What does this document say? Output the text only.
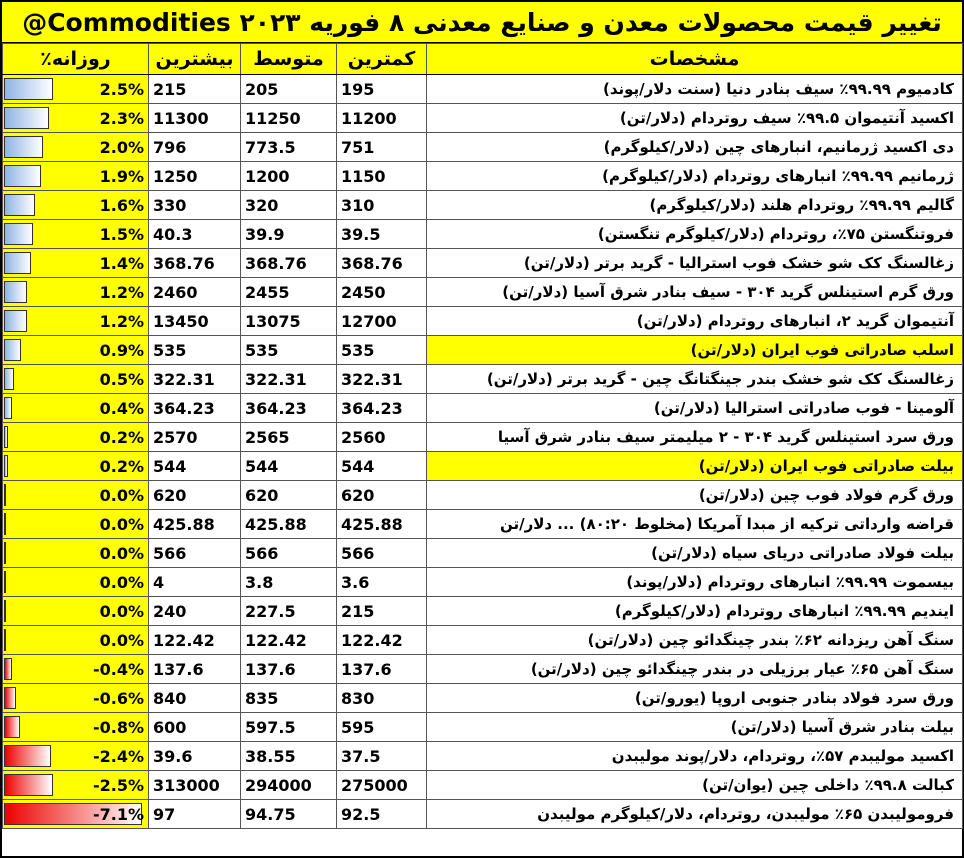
تغییر قیمت محصولات معدن و صنایع معدنی ۸ فوریه ۲۰۲۳ Commodities@
روزانه٪	بیشترین	متوسط	کمترین	مشخصات

2.5%	215	205	195	کادمیوم ۹۹.۹۹٪ سیف بنادر دنیا (سنت دلار/پوند)

2.3%	11300	11250	11200	اکسید آنتیموان ۹۹.۵٪ سیف روتردام (دلار/تن)

2.0%	796	773.5	751	دی اکسید ژرمانیم، انبارهای چین (دلار/کیلوگرم)

1.9%	1250	1200	1150	ژرمانیم ۹۹.۹۹٪ انبارهای روتردام (دلار/کیلوگرم)

1.6%	330	320	310	گالیم ۹۹.۹۹٪ روتردام هلند (دلار/کیلوگرم)

1.5%	40.3	39.9	39.5	فروتنگستن ۷۵٪، روتردام (دلار/کیلوگرم تنگستن)

1.4%	368.76	368.76	368.76	زغالسنگ کک شو خشک فوب استرالیا - گرید برتر (دلار/تن)

1.2%	2460	2455	2450	ورق گرم استینلس گرید ۳۰۴ - سیف بنادر شرق آسیا (دلار/تن)

1.2%	13450	13075	12700	آنتیموان گرید ۲، انبارهای روتردام (دلار/تن)

0.9%	535	535	535	اسلب صادراتی فوب ایران (دلار/تن)

0.5%	322.31	322.31	322.31	زغالسنگ کک شو خشک بندر جینگتانگ چین - گرید برتر (دلار/تن)

0.4%	364.23	364.23	364.23	آلومینا - فوب صادراتی استرالیا (دلار/تن)

0.2%	2570	2565	2560	ورق سرد استینلس گرید ۳۰۴ - ۲ میلیمتر سیف بنادر شرق آسیا

0.2%	544	544	544	بیلت صادراتی فوب ایران (دلار/تن)

0.0%	620	620	620	ورق گرم فولاد فوب چین (دلار/تن)

0.0%	425.88	425.88	425.88	قراضه وارداتی ترکیه از مبدا آمریکا (مخلوط ۸۰:۲۰) ... دلار/تن

0.0%	566	566	566	بیلت فولاد صادراتی دریای سیاه (دلار/تن)

0.0%	4	3.8	3.6	بیسموت ۹۹.۹۹٪ انبارهای روتردام (دلار/پوند)

0.0%	240	227.5	215	ایندیم ۹۹.۹۹٪ انبارهای روتردام (دلار/کیلوگرم)

0.0%	122.42	122.42	122.42	سنگ آهن ریزدانه ۶۲٪ بندر چینگدائو چین (دلار/تن)

-0.4%	137.6	137.6	137.6	سنگ آهن ۶۵٪ عیار برزیلی در بندر چینگدائو چین (دلار/تن)

-0.6%	840	835	830	ورق سرد فولاد بنادر جنوبی اروپا (یورو/تن)

-0.8%	600	597.5	595	بیلت بنادر شرق آسیا (دلار/تن)

-2.4%	39.6	38.55	37.5	اکسید مولیبدم ۵۷٪، روتردام، دلار/پوند مولیبدن

-2.5%	313000	294000	275000	کبالت ۹۹.۸٪ داخلی چین (یوان/تن)

-7.1%	97	94.75	92.5	فرومولیبدن ۶۵٪ مولیبدن، روتردام، دلار/کیلوگرم مولیبدن
